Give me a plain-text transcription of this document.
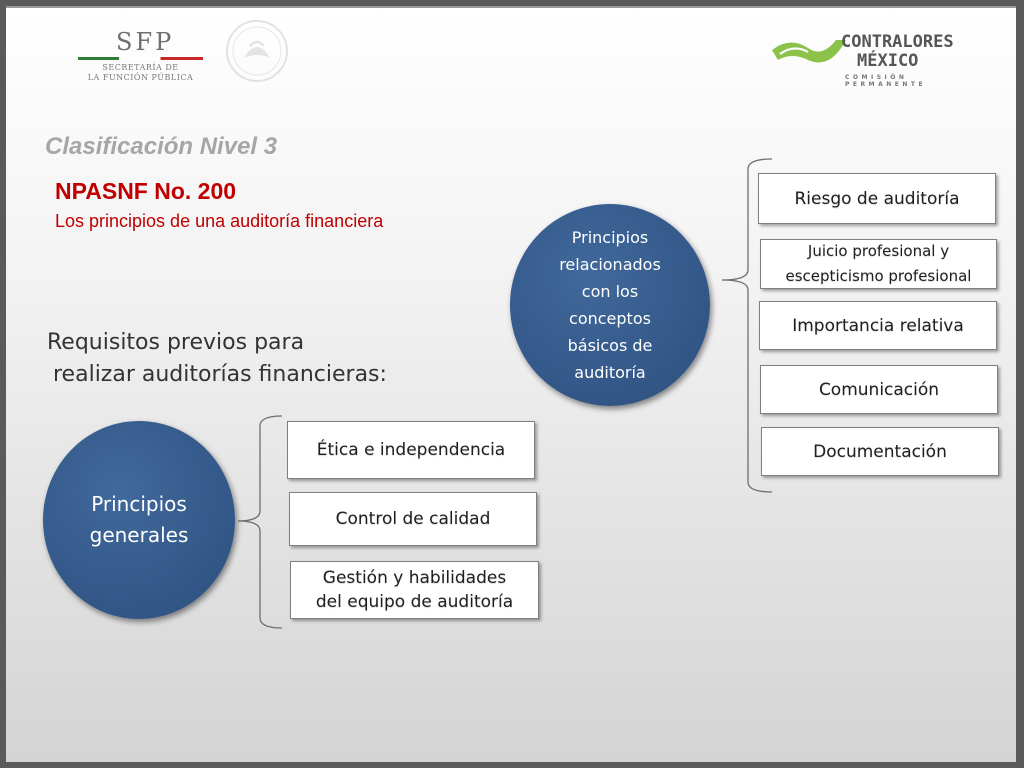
SFP
SECRETARÍA DE
LA FUNCIÓN PÚBLICA
CONTRALORES
MÉXICO
COMISIÓN PERMANENTE
Clasificación Nivel 3
NPASNF No. 200
Los principios de una auditoría financiera
Requisitos previos para
realizar auditorías financieras:
Principios generales
Principios relacionados con los conceptos básicos de auditoría
Ética e independencia
Control de calidad
Gestión y habilidades del equipo de auditoría
Riesgo de auditoría
Juicio profesional y escepticismo profesional
Importancia relativa
Comunicación
Documentación
